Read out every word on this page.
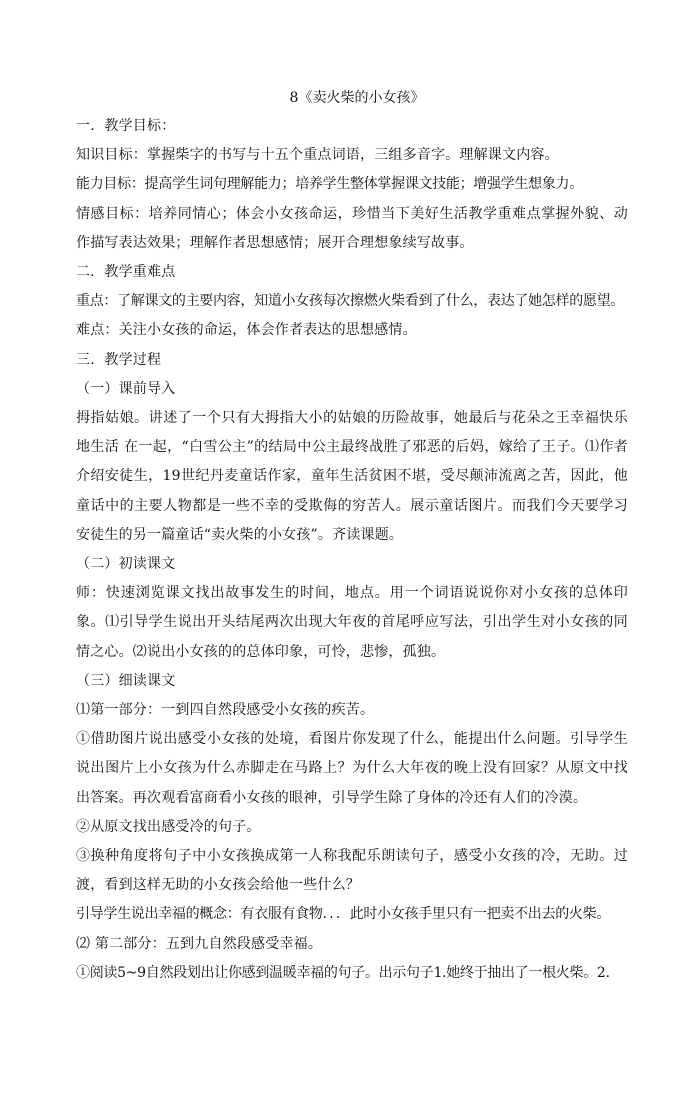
8《卖火柴的小女孩》

一．教学目标：

知识目标：掌握柴字的书写与十五个重点词语，三组多音字。理解课文内容。

能力目标：提高学生词句理解能力；培养学生整体掌握课文技能；增强学生想象力。

情感目标：培养同情心；体会小女孩命运，珍惜当下美好生活教学重难点掌握外貌、动作描写表达效果；理解作者思想感情；展开合理想象续写故事。

二．教学重难点

重点：了解课文的主要内容，知道小女孩每次擦燃火柴看到了什么，表达了她怎样的愿望。

难点：关注小女孩的命运，体会作者表达的思想感情。

三．教学过程

（一）课前导入

拇指姑娘。讲述了一个只有大拇指大小的姑娘的历险故事，她最后与花朵之王幸福快乐地生活 在一起，“白雪公主”的结局中公主最终战胜了邪恶的后妈，嫁给了王子。⑴作者介绍安徒生，19世纪丹麦童话作家，童年生活贫困不堪，受尽颠沛流离之苦，因此，他童话中的主要人物都是一些不幸的受欺侮的穷苦人。展示童话图片。而我们今天要学习安徒生的另一篇童话“卖火柴的小女孩”。齐读课题。

（二）初读课文

师：快速浏览课文找出故事发生的时间，地点。用一个词语说说你对小女孩的总体印象。⑴引导学生说出开头结尾两次出现大年夜的首尾呼应写法，引出学生对小女孩的同情之心。⑵说出小女孩的的总体印象，可怜，悲惨，孤独。

（三）细读课文

⑴第一部分：一到四自然段感受小女孩的疾苦。

①借助图片说出感受小女孩的处境，看图片你发现了什么，能提出什么问题。引导学生说出图片上小女孩为什么赤脚走在马路上？为什么大年夜的晚上没有回家？从原文中找出答案。再次观看富商看小女孩的眼神，引导学生除了身体的冷还有人们的冷漠。

②从原文找出感受冷的句子。

③换种角度将句子中小女孩换成第一人称我配乐朗读句子，感受小女孩的冷，无助。过渡，看到这样无助的小女孩会给他一些什么？

引导学生说出幸福的概念：有衣服有食物．．．此时小女孩手里只有一把卖不出去的火柴。

⑵ 第二部分：五到九自然段感受幸福。

①阅读5~9自然段划出让你感到温暖幸福的句子。出示句子1.她终于抽出了一根火柴。2.
